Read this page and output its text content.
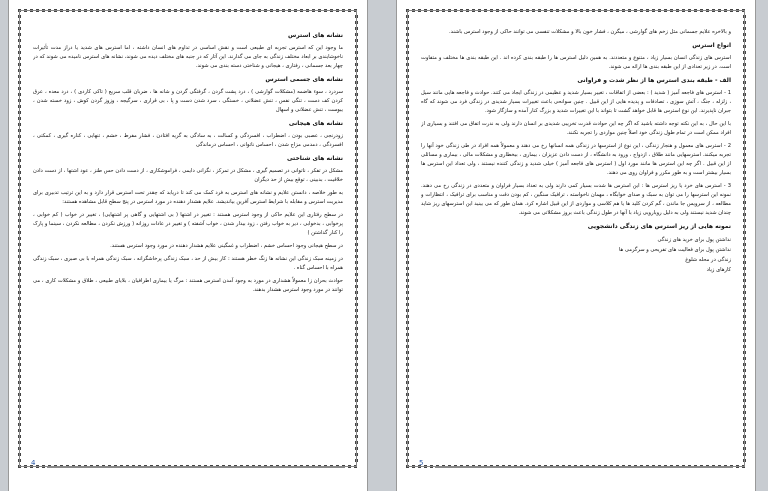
نشانه های استرس

ما وجود این که استرس تجربه ای طبیعی است و نقش اساسی در تداوم های انسان داشته ، اما استرس های شدید یا دراز مدت تأثیرات ناخوشایندی بر ابعاد مختلف زندگی به جای می گذارند. این آثار که در جنبه های مختلف دیده می شوند، نشانه های استرس نامیده می شوند که در چهار بعد جسمانی ، رفتاری ، هیجانی و شناختی دسته بندی می شوند.

نشانه های جسمی استرس

سردرد ، سوء هاضمه (مشکلات گوارشی ) ، درد پشت گردن ، گرفتگی گردن و شانه ها ، ضربان قلب سریع ( تاکی کاردی ) ، درد معده ، عرق کردن کف دست ، تنگی نفس ، تنش عضلانی ، خستگی ، سرد شدن دست و پا ، بی قراری ، سرگیجه ، وزوز گردن کوش ، زود خسته شدن ، یبوست ، تنش عضلانی و اسهال

نشانه های هیجانی

زودرنجی ، عصبی بودن ، اضطراب ، افسردگی و کسالت ، به سادگی به گریه افتادن ، فشار مفرط ، خشم ، تنهایی ، کناره گیری ، کمکتی ، افسردگی ، دمدمی مزاج شدن ، احساس ناتوانی ، احساس درماندگی

نشانه های شناختی

مشکل در تفکر ، ناتوانی در تصمیم گیری ، مشکل در تمرکز ، نگرانی دایمی ، فراموشکاری ، از دست دادن حس طنز ، عود اشتها ، از دست دادن خلاقیت ، بدبینی ، توقع بیش از حد دیگران

به طور خلاصه ، دانستن علایم و نشانه های استرس به فرد کمک می کند تا دریابد که چقدر تحت استرس قرار دارد و به این ترتیب تدبیری برای مدیریت استرس و مقابله با شرایط استرس آفرین بیاندیشد. علایم هشدار دهنده در مورد استرس در پنج سطح قابل مشاهده هستند:

در سطح رفتاری این علایم حاکی از وجود استرس هستند : تغییر در اشتها ( بی اشتهایی و گاهی پر اشتهایی) ، تغییر در خواب ( کم خوابی ، پرخوابی ، بدخوابی ، دیر به خواب رفتن ، زود بیدار شدن ، خواب آشفته ) و تغییر در عادات روزانه ( ورزش نکردن ، مطالعه نکردن ، سینما و پارک را کنار گذاشتن )

در سطح هیجانی وجود احساس خشم ، اضطراب و غمگینی علایم هشدار دهنده در مورد وجود استرس هستند.

در زمینه سبک زندگی این نشانه ها زنگ خطر هستند : کار بیش از حد ، سبک زندگی پرخاشگرانه ، سبک زندگی همراه با بی صبری ، سبک زندگی همراه با احساس گناه .

حوادث بحران زا معمولاً هشداری در مورد به وجود آمدن استرس هستند : مرگ یا بیماری اطرافیان ، بلایای طبیعی ، طلاق و مشکلات کاری ، می توانند در مورد وجود استرس هشدار بدهند.

4

و بالاخره علایم جسمانی مثل زخم های گوارشی ، میگرن ، فشار خون بالا و مشکلات تنفسی می توانند حاکی از وجود استرس باشند.

انواع استرس

استرس های زندگی انسان بسیار زیاد ، متنوع و متعددند. به همین دلیل استرس ها را طبقه بندی کرده اند . این طبقه بندی ها مختلف و متفاوت است. در زیر تعدادی از این طبقه بندی ها ارائه می شوند.

الف - طبقه بندی استرس ها از نظر شدت و فراوانی

1 - استرس های فاجعه آمیز ( شدید ) : بعضی از اتفاقات ، تغییر بسیار شدید و عظیمی در زندگی ایجاد می کنند. حوادث و فاجعه هایی مانند سیل ، زلزله ، جنگ ، آتش سوزی ، تصادفات و پدیده هایی از این قبیل . چنین سوانحی باعث تغییرات بسیار شدیدی در زندگی فرد می شوند که گاه جبران ناپذیرند. این نوع استرس ها قابل خواهد گشت تا بتواند با این تغییرات شدید و بزرگ کنار آمده و سازگار شود.

با این حال ، به این نکته توجه داشته باشید که اگر چه این حوادث قدرت تخریبی شدیدی بر انسان دارند ولی به ندرت اتفاق می افتند و بسیاری از افراد ممکن است در تمام طول زندگی خود اصلاً چنین مواردی را تجربه نکنند.

2 - استرس های معمول و هنجار زندگی ، این نوع از استرسها در زندگی همه انسانها رخ می دهند و معمولاً همه افراد در طی زندگی خود آنها را تجربه میکنند. استرسهایی مانند طلاق ، ازدواج ، ورود به دانشگاه ، از دست دادن عزیزان ، بیماری ، بیخطاری و مشکلات مالی ، بیماری و مسائلی از این قبیل . اگر چه این استرس ها مانند مورد اول ( استرس های فاجعه آمیز ) خیلی شدید و زندگی کننده نیستند ، ولی تعداد این استرس ها بسیار بیشتر است و به طور مکرر و فراوان روی می دهند.

3 - استرس های خرد یا ریز استرس ها : این استرس ها شدت بسیار کمی دارند ولی به تعداد بسیار فراوان و متعددی در زندگی رخ می دهند. نمونه این استرسها را می توان به سبک و صدای خوابگاه ، مهمان ناخواسته ، ترافیک سنگین ، کم بودن دقت و مناسب برای ترافیک ، انتظارات و مطالعه ، از سرویس جا ماندن ، گم کردن کلید ها یا هم کلاسی و مواردی از این قبیل اشاره کرد. همان طور که می بینید این استرسهای ریز شاید چندان شدید نیستند ولی به دلیل رویارویی زیاد با آنها در طول زندگی باعث بروز مشکلاتی می شوند.

نمونه هایی از ریز استرس های زندگی دانشجویی
نداشتن پول برای خرید های زندگی
نداشتن پول برای فعالیت های تفریحی و سرگرمی ها
زندگی در محله شلوغ
کارهای زیاد
5
